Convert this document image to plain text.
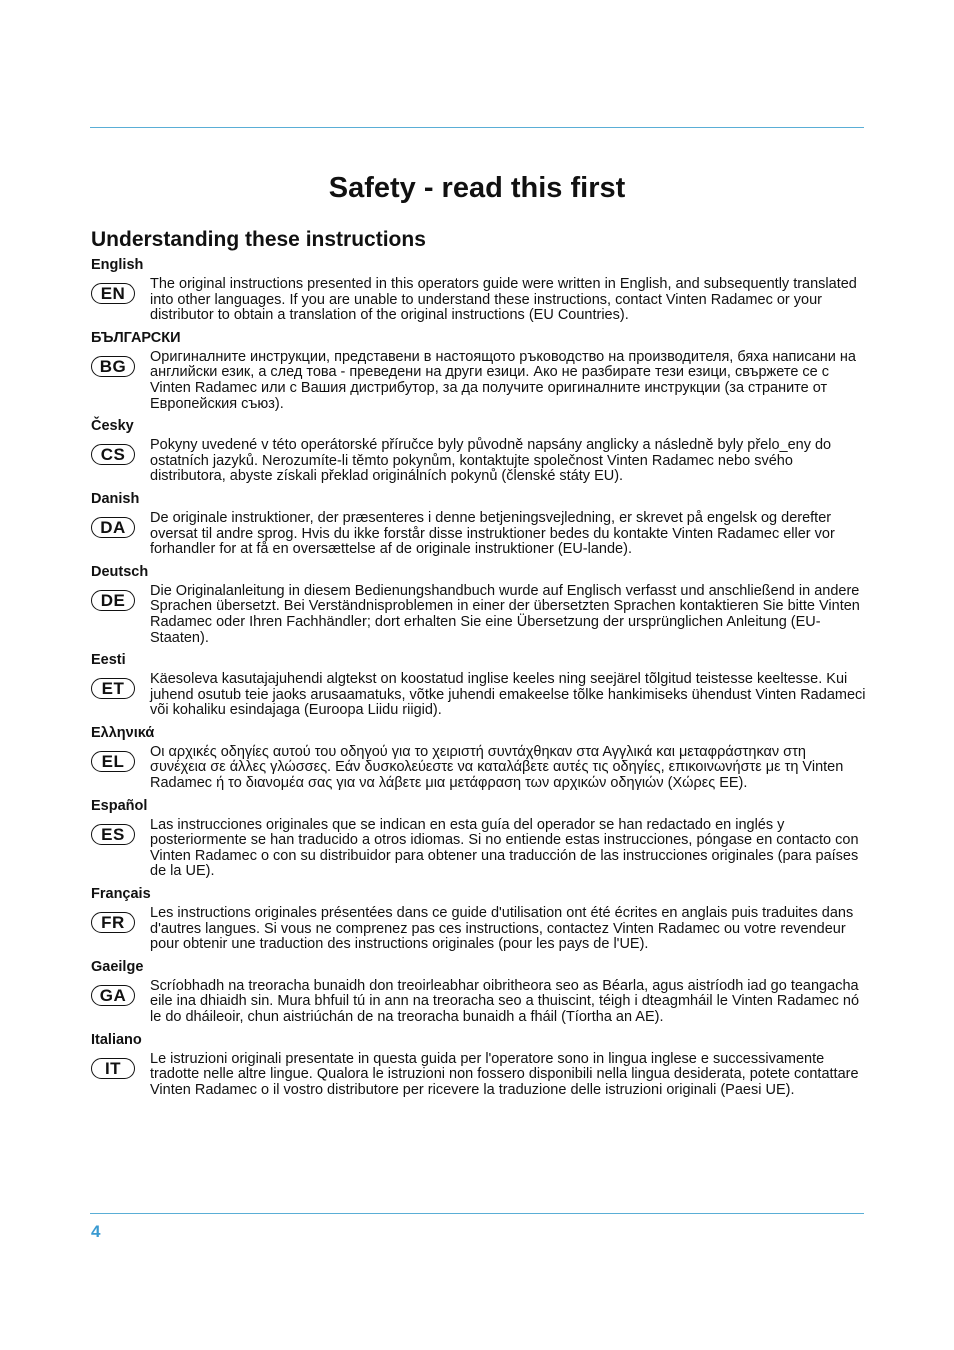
Safety - read this first
Understanding these instructions
English
EN	The original instructions presented in this operators guide were written in English, and subsequently translated into other languages. If you are unable to understand these instructions, contact Vinten Radamec or your distributor to obtain a translation of the original instructions (EU Countries).
БЪЛГАРСКИ
BG	Оригиналните инструкции, представени в настоящото ръководство на производителя, бяха написани на английски език, а след това - преведени на други езици. Ако не разбирате тези езици, свържете се с Vinten Radamec или с Вашия дистрибутор, за да получите оригиналните инструкции (за страните от Европейския съюз).
Česky
CS	Pokyny uvedené v této operátorské příručce byly původně napsány anglicky a následně byly přelo_eny do ostatních jazyků. Nerozumíte-li těmto pokynům, kontaktujte společnost Vinten Radamec nebo svého distributora, abyste získali překlad originálních pokynů (členské státy EU).
Danish
DA	De originale instruktioner, der præsenteres i denne betjeningsvejledning, er skrevet på engelsk og derefter oversat til andre sprog. Hvis du ikke forstår disse instruktioner bedes du kontakte Vinten Radamec eller vor forhandler for at få en oversættelse af de originale instruktioner (EU-lande).
Deutsch
DE	Die Originalanleitung in diesem Bedienungshandbuch wurde auf Englisch verfasst und anschließend in andere Sprachen übersetzt. Bei Verständnisproblemen in einer der übersetzten Sprachen kontaktieren Sie bitte Vinten Radamec oder Ihren Fachhändler; dort erhalten Sie eine Übersetzung der ursprünglichen Anleitung (EU-Staaten).
Eesti
ET	Käesoleva kasutajajuhendi algtekst on koostatud inglise keeles ning seejärel tõlgitud teistesse keeltesse. Kui juhend osutub teie jaoks arusaamatuks, võtke juhendi emakeelse tõlke hankimiseks ühendust Vinten Radameci või kohaliku esindajaga (Euroopa Liidu riigid).
Ελληνικά
EL	Οι αρχικές οδηγίες αυτού του οδηγού για το χειριστή συντάχθηκαν στα Αγγλικά και μεταφράστηκαν στη συνέχεια σε άλλες γλώσσες. Εάν δυσκολεύεστε να καταλάβετε αυτές τις οδηγίες, επικοινωνήστε με τη Vinten Radamec ή το διανομέα σας για να λάβετε μια μετάφραση των αρχικών οδηγιών (Χώρες ΕΕ).
Español
ES	Las instrucciones originales que se indican en esta guía del operador se han redactado en inglés y posteriormente se han traducido a otros idiomas. Si no entiende estas instrucciones, póngase en contacto con Vinten Radamec o con su distribuidor para obtener una traducción de las instrucciones originales (para países de la UE).
Français
FR	Les instructions originales présentées dans ce guide d'utilisation ont été écrites en anglais puis traduites dans d'autres langues. Si vous ne comprenez pas ces instructions, contactez Vinten Radamec ou votre revendeur pour obtenir une traduction des instructions originales (pour les pays de l'UE).
Gaeilge
GA	Scríobhadh na treoracha bunaidh don treoirleabhar oibritheora seo as Béarla, agus aistríodh iad go teangacha eile ina dhiaidh sin. Mura bhfuil tú in ann na treoracha seo a thuiscint, téigh i dteagmháil le Vinten Radamec nó le do dháileoir, chun aistriúchán de na treoracha bunaidh a fháil (Tíortha an AE).
Italiano
IT	Le istruzioni originali presentate in questa guida per l'operatore sono in lingua inglese e successivamente tradotte nelle altre lingue. Qualora le istruzioni non fossero disponibili nella lingua desiderata, potete contattare Vinten Radamec o il vostro distributore per ricevere la traduzione delle istruzioni originali (Paesi UE).
4
